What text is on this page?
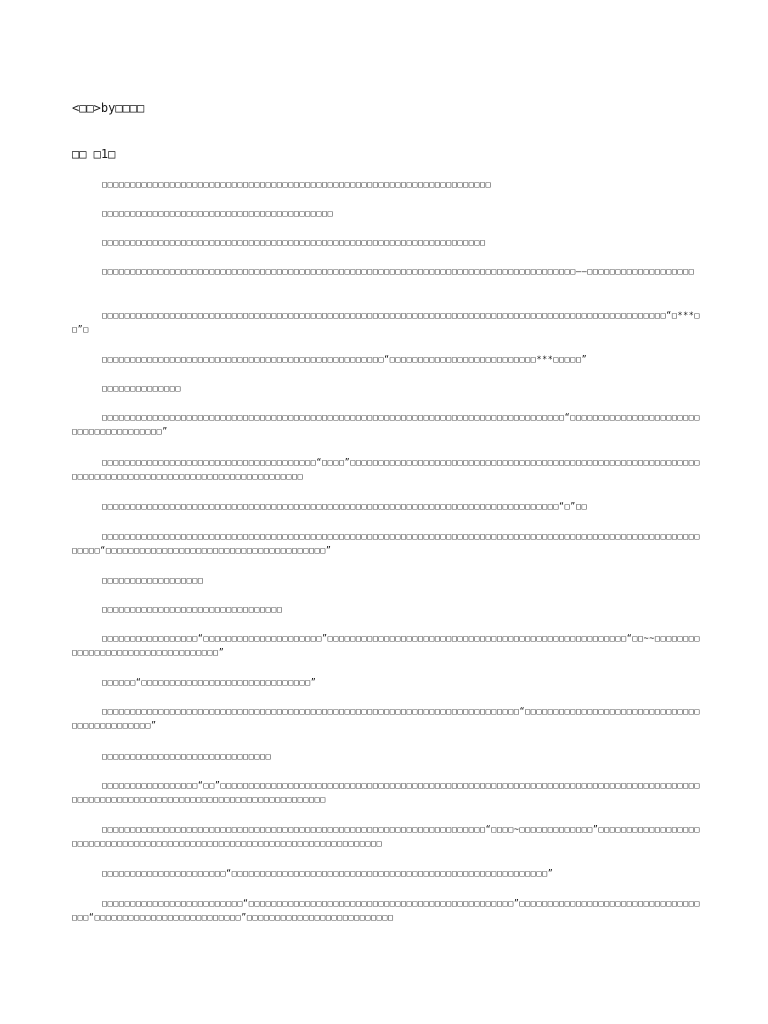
<□□>by□□□□
□□ □1□
□□□□□□□□□□□□□□□□□□□□□□□□□□□□□□□□□□□□□□□□□□□□□□□□□□□□□□□□□□□□□□□□□□□□□
□□□□□□□□□□□□□□□□□□□□□□□□□□□□□□□□□□□□□□□□□
□□□□□□□□□□□□□□□□□□□□□□□□□□□□□□□□□□□□□□□□□□□□□□□□□□□□□□□□□□□□□□□□□□□□
□□□□□□□□□□□□□□□□□□□□□□□□□□□□□□□□□□□□□□□□□□□□□□□□□□□□□□□□□□□□□□□□□□□□□□□□□□□□□□□□□□□□——□□□□□□□□□□□□□□□□□□□
□□□□□□□□□□□□□□□□□□□□□□□□□□□□□□□□□□□□□□□□□□□□□□□□□□□□□□□□□□□□□□□□□□□□□□□□□□□□□□□□□□□□□□□□□□□□□□□□□□□□“□***□□”□
□□□□□□□□□□□□□□□□□□□□□□□□□□□□□□□□□□□□□□□□□□□□□□□□□□“□□□□□□□□□□□□□□□□□□□□□□□□□□***□□□□□”
□□□□□□□□□□□□□□
□□□□□□□□□□□□□□□□□□□□□□□□□□□□□□□□□□□□□□□□□□□□□□□□□□□□□□□□□□□□□□□□□□□□□□□□□□□□□□□□□□“□□□□□□□□□□□□□□□□□□□□□□□□□□□□□□□□□□□□□□□”
□□□□□□□□□□□□□□□□□□□□□□□□□□□□□□□□□□□□□□“□□□□”□□□□□□□□□□□□□□□□□□□□□□□□□□□□□□□□□□□□□□□□□□□□□□□□□□□□□□□□□□□□□□□□□□□□□□□□□□□□□□□□□□□□□□□□□□□□□□□□□□□□□□□
□□□□□□□□□□□□□□□□□□□□□□□□□□□□□□□□□□□□□□□□□□□□□□□□□□□□□□□□□□□□□□□□□□□□□□□□□□□□□□□□□“□”□□
□□□□□□□□□□□□□□□□□□□□□□□□□□□□□□□□□□□□□□□□□□□□□□□□□□□□□□□□□□□□□□□□□□□□□□□□□□□□□□□□□□□□□□□□□□□□□□□□□□□□□□□□□□□□□□□“□□□□□□□□□□□□□□□□□□□□□□□□□□□□□□□□□□□□□□□”
□□□□□□□□□□□□□□□□□□
□□□□□□□□□□□□□□□□□□□□□□□□□□□□□□□□
□□□□□□□□□□□□□□□□□“□□□□□□□□□□□□□□□□□□□□□”□□□□□□□□□□□□□□□□□□□□□□□□□□□□□□□□□□□□□□□□□□□□□□□□□□□□□“□□~~□□□□□□□□□□□□□□□□□□□□□□□□□□□□□□□□□□”
□□□□□□“□□□□□□□□□□□□□□□□□□□□□□□□□□□□□□”
□□□□□□□□□□□□□□□□□□□□□□□□□□□□□□□□□□□□□□□□□□□□□□□□□□□□□□□□□□□□□□□□□□□□□□□□□□“□□□□□□□□□□□□□□□□□□□□□□□□□□□□□□□□□□□□□□□□□□□□□”
□□□□□□□□□□□□□□□□□□□□□□□□□□□□□□
□□□□□□□□□□□□□□□□□“□□”□□□□□□□□□□□□□□□□□□□□□□□□□□□□□□□□□□□□□□□□□□□□□□□□□□□□□□□□□□□□□□□□□□□□□□□□□□□□□□□□□□□□□□□□□□□□□□□□□□□□□□□□□□□□□□□□□□□□□□□□□□□□□□□□□□
□□□□□□□□□□□□□□□□□□□□□□□□□□□□□□□□□□□□□□□□□□□□□□□□□□□□□□□□□□□□□□□□□□□□“□□□□~□□□□□□□□□□□□□”□□□□□□□□□□□□□□□□□□□□□□□□□□□□□□□□□□□□□□□□□□□□□□□□□□□□□□□□□□□□□□□□□□□□□□□□□
□□□□□□□□□□□□□□□□□□□□□□“□□□□□□□□□□□□□□□□□□□□□□□□□□□□□□□□□□□□□□□□□□□□□□□□□□□□□□□□”
□□□□□□□□□□□□□□□□□□□□□□□□□“□□□□□□□□□□□□□□□□□□□□□□□□□□□□□□□□□□□□□□□□□□□□□□□”□□□□□□□□□□□□□□□□□□□□□□□□□□□□□□□□□□□“□□□□□□□□□□□□□□□□□□□□□□□□□□”□□□□□□□□□□□□□□□□□□□□□□□□□□
